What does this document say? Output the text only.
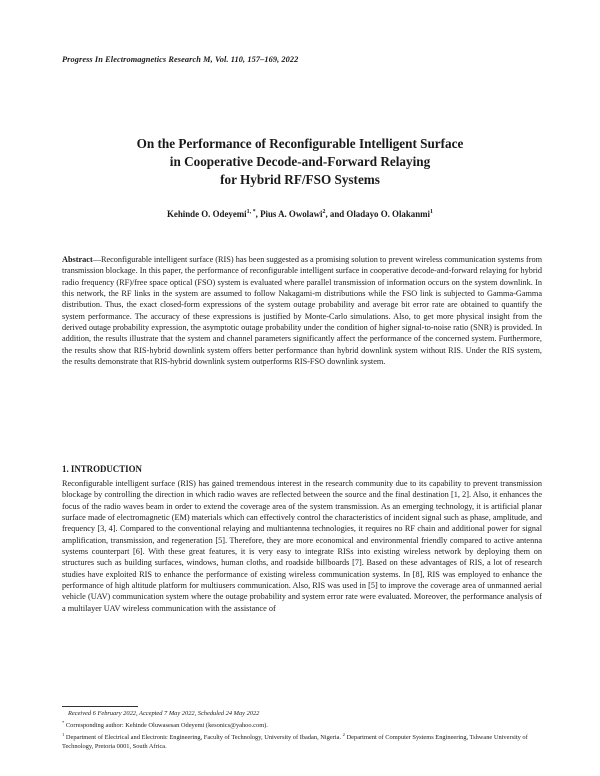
Progress In Electromagnetics Research M, Vol. 110, 157–169, 2022
On the Performance of Reconfigurable Intelligent Surface
in Cooperative Decode-and-Forward Relaying
for Hybrid RF/FSO Systems
Kehinde O. Odeyemi$^{1, *}$, Pius A. Owolawi$^2$, and Oladayo O. Olakanmi$^1$
Abstract—Reconfigurable intelligent surface (RIS) has been suggested as a promising solution to prevent wireless communication systems from transmission blockage. In this paper, the performance of reconfigurable intelligent surface in cooperative decode-and-forward relaying for hybrid radio frequency (RF)/free space optical (FSO) system is evaluated where parallel transmission of information occurs on the system downlink. In this network, the RF links in the system are assumed to follow Nakagami-m distributions while the FSO link is subjected to Gamma-Gamma distribution. Thus, the exact closed-form expressions of the system outage probability and average bit error rate are obtained to quantify the system performance. The accuracy of these expressions is justified by Monte-Carlo simulations. Also, to get more physical insight from the derived outage probability expression, the asymptotic outage probability under the condition of higher signal-to-noise ratio (SNR) is provided. In addition, the results illustrate that the system and channel parameters significantly affect the performance of the concerned system. Furthermore, the results show that RIS-hybrid downlink system offers better performance than hybrid downlink system without RIS. Under the RIS system, the results demonstrate that RIS-hybrid downlink system outperforms RIS-FSO downlink system.
1. INTRODUCTION
Reconfigurable intelligent surface (RIS) has gained tremendous interest in the research community due to its capability to prevent transmission blockage by controlling the direction in which radio waves are reflected between the source and the final destination [1, 2]. Also, it enhances the focus of the radio waves beam in order to extend the coverage area of the system transmission. As an emerging technology, it is artificial planar surface made of electromagnetic (EM) materials which can effectively control the characteristics of incident signal such as phase, amplitude, and frequency [3, 4]. Compared to the conventional relaying and multiantenna technologies, it requires no RF chain and additional power for signal amplification, transmission, and regeneration [5]. Therefore, they are more economical and environmental friendly compared to active antenna systems counterpart [6]. With these great features, it is very easy to integrate RISs into existing wireless network by deploying them on structures such as building surfaces, windows, human cloths, and roadside billboards [7]. Based on these advantages of RIS, a lot of research studies have exploited RIS to enhance the performance of existing wireless communication systems. In [8], RIS was employed to enhance the performance of high altitude platform for multiusers communication. Also, RIS was used in [5] to improve the coverage area of unmanned aerial vehicle (UAV) communication system where the outage probability and system error rate were evaluated. Moreover, the performance analysis of a multilayer UAV wireless communication with the assistance of
Received 6 February 2022, Accepted 7 May 2022, Scheduled 24 May 2022
* Corresponding author: Kehinde Oluwasesan Odeyemi (kesonics@yahoo.com).
$^1$ Department of Electrical and Electronic Engineering, Faculty of Technology, University of Ibadan, Nigeria. $^2$ Department of Computer Systems Engineering, Tshwane University of Technology, Pretoria 0001, South Africa.
